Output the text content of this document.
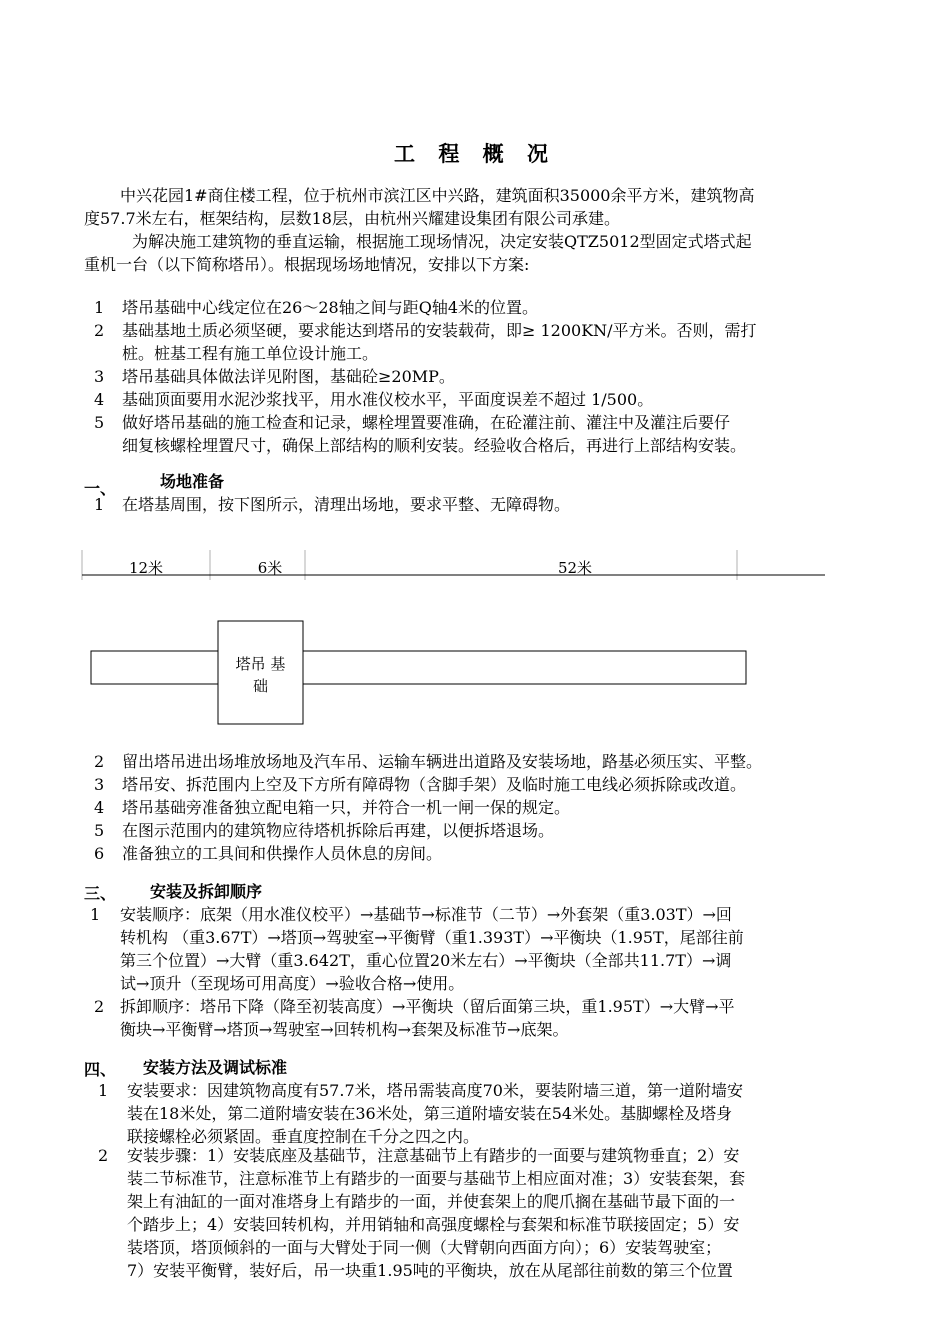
工 程 概 况
中兴花园1#商住楼工程，位于杭州市滨江区中兴路，建筑面积35000余平方米，建筑物高
度57.7米左右，框架结构，层数18层，由杭州兴耀建设集团有限公司承建。
为解决施工建筑物的垂直运输，根据施工现场情况，决定安装QTZ5012型固定式塔式起
重机一台（以下简称塔吊）。根据现场场地情况，安排以下方案:
1	塔吊基础中心线定位在26～28轴之间与距Q轴4米的位置。
2	基础基地土质必须坚硬，要求能达到塔吊的安装载荷，即≥ 1200KN/平方米。否则，需打
桩。桩基工程有施工单位设计施工。
3	塔吊基础具体做法详见附图，基础砼≥20MP。
4	基础顶面要用水泥沙浆找平，用水准仪校水平，平面度误差不超过 1/500。
5	做好塔吊基础的施工检查和记录，螺栓埋置要准确，在砼灌注前、灌注中及灌注后要仔
细复核螺栓埋置尺寸，确保上部结构的顺利安装。经验收合格后，再进行上部结构安装。
一、	场地准备
1	在塔基周围，按下图所示，清理出场地，要求平整、无障碍物。
12米	6米	52米
塔吊 基
础
2	留出塔吊进出场堆放场地及汽车吊、运输车辆进出道路及安装场地，路基必须压实、平整。
3	塔吊安、拆范围内上空及下方所有障碍物（含脚手架）及临时施工电线必须拆除或改道。
4	塔吊基础旁准备独立配电箱一只，并符合一机一闸一保的规定。
5	在图示范围内的建筑物应待塔机拆除后再建，以便拆塔退场。
6	准备独立的工具间和供操作人员休息的房间。
三、 安装及拆卸顺序
1	安装顺序：底架（用水准仪校平）→基础节→标准节（二节）→外套架（重3.03T）→回
转机构 （重3.67T）→塔顶→驾驶室→平衡臂（重1.393T）→平衡块（1.95T，尾部往前
第三个位置）→大臂（重3.642T，重心位置20米左右）→平衡块（全部共11.7T）→调
试→顶升（至现场可用高度）→验收合格→使用。
2 拆卸顺序：塔吊下降（降至初装高度）→平衡块（留后面第三块，重1.95T）→大臂→平
衡块→平衡臂→塔顶→驾驶室→回转机构→套架及标准节→底架。
四、 安装方法及调试标准
1	安装要求：因建筑物高度有57.7米，塔吊需装高度70米，要装附墙三道，第一道附墙安
装在18米处，第二道附墙安装在36米处，第三道附墙安装在54米处。基脚螺栓及塔身
联接螺栓必须紧固。垂直度控制在千分之四之内。
2	安装步骤：1）安装底座及基础节，注意基础节上有踏步的一面要与建筑物垂直；2）安
装二节标准节，注意标准节上有踏步的一面要与基础节上相应面对准；3）安装套架，套
架上有油缸的一面对准塔身上有踏步的一面，并使套架上的爬爪搁在基础节最下面的一
个踏步上；4）安装回转机构，并用销轴和高强度螺栓与套架和标准节联接固定；5）安
装塔顶，塔顶倾斜的一面与大臂处于同一侧（大臂朝向西面方向）；6）安装驾驶室；
7）安装平衡臂，装好后，吊一块重1.95吨的平衡块，放在从尾部往前数的第三个位置
